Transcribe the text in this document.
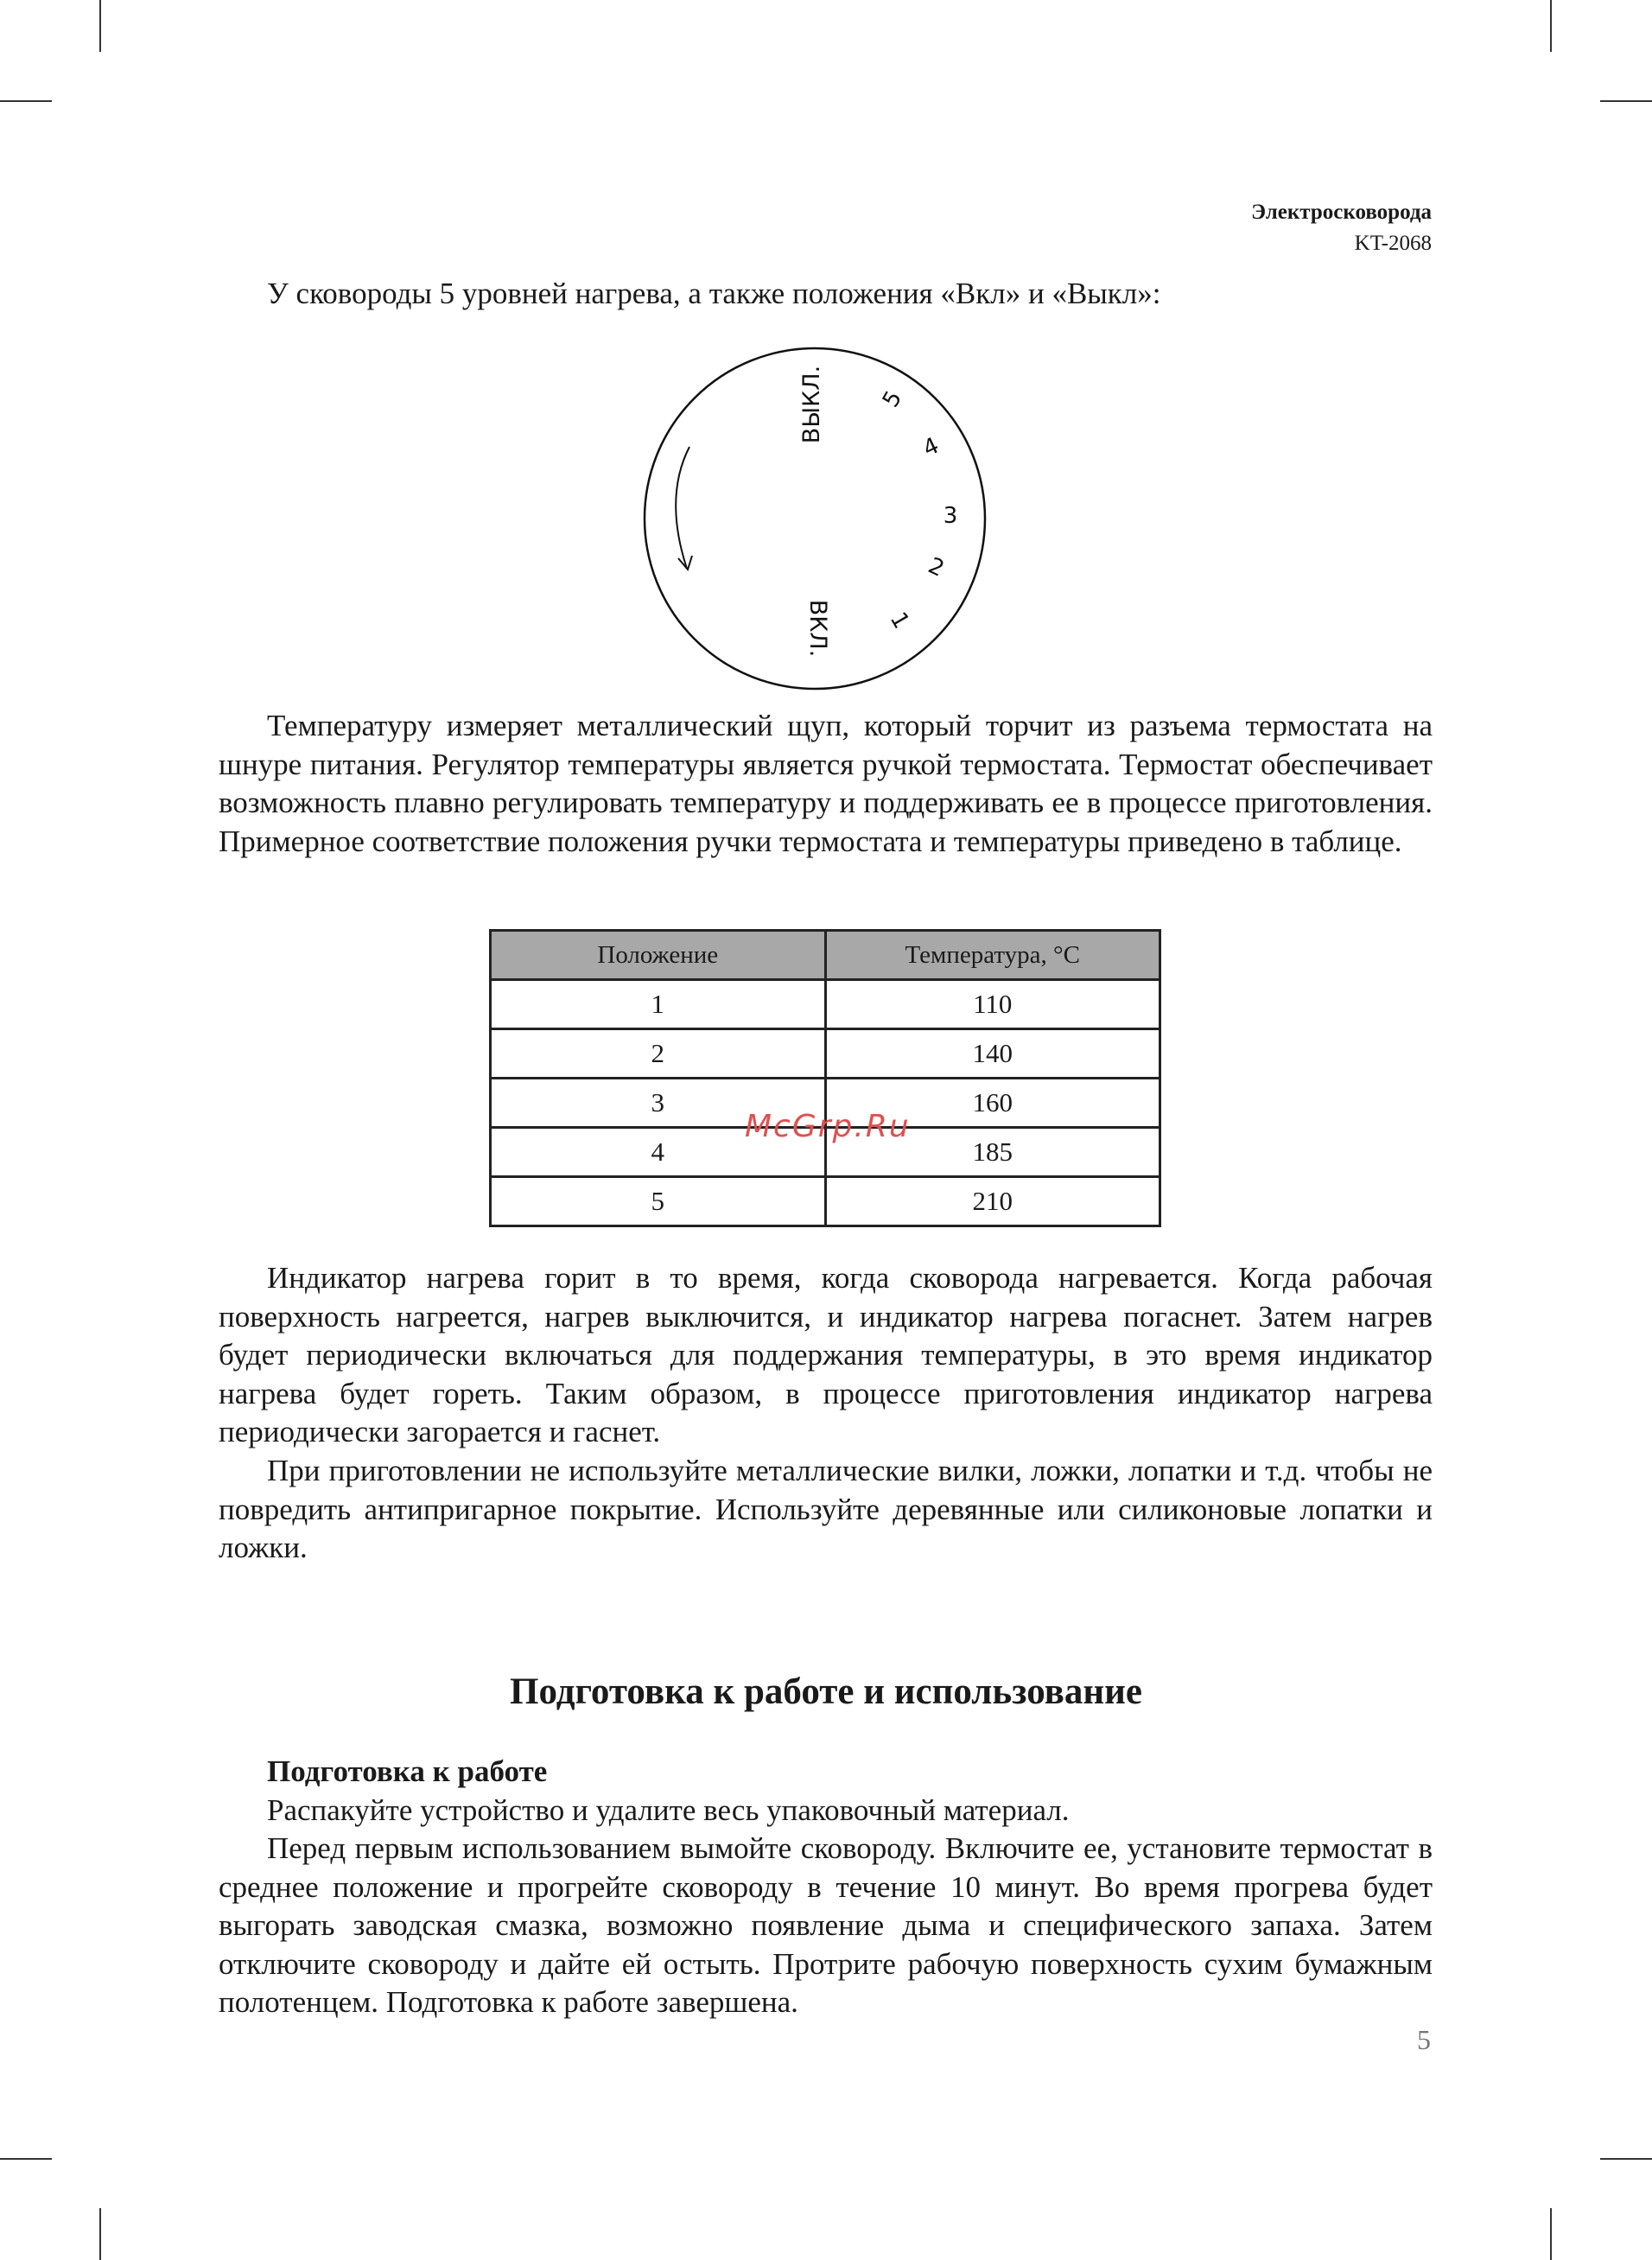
Электросковорода
KT-2068
У сковороды 5 уровней нагрева, а также положения «Вкл» и «Выкл»:
ВЫКЛ.
ВКЛ.
5
4
3
2
1

Температуру измеряет металлический щуп, который торчит из разъема термостата на шнуре питания. Регулятор температуры является ручкой термостата. Термостат обеспечивает возможность плавно регулировать температуру и поддерживать ее в процессе приготовления. Примерное соответствие положения ручки термостата и температуры приведено в таблице.

Положение	Температура, °C
1	110
2	140
3	160
4	185
5	210
McGrp.Ru

Индикатор нагрева горит в то время, когда сковорода нагревается. Когда рабочая поверхность нагреется, нагрев выключится, и индикатор нагрева погаснет. Затем нагрев будет периодически включаться для поддержания температуры, в это время индикатор нагрева будет гореть. Таким образом, в процессе приготовления индикатор нагрева периодически загорается и гаснет.

При приготовлении не используйте металлические вилки, ложки, лопатки и т.д. чтобы не повредить антипригарное покрытие. Используйте деревянные или силиконовые лопатки и ложки.

Подготовка к работе и использование
Подготовка к работе

Распакуйте устройство и удалите весь упаковочный материал.

Перед первым использованием вымойте сковороду. Включите ее, установите термостат в среднее положение и прогрейте сковороду в течение 10 минут. Во время прогрева будет выгорать заводская смазка, возможно появление дыма и специфического запаха. Затем отключите сковороду и дайте ей остыть. Протрите рабочую поверхность сухим бумажным полотенцем. Подготовка к работе завершена.

5
